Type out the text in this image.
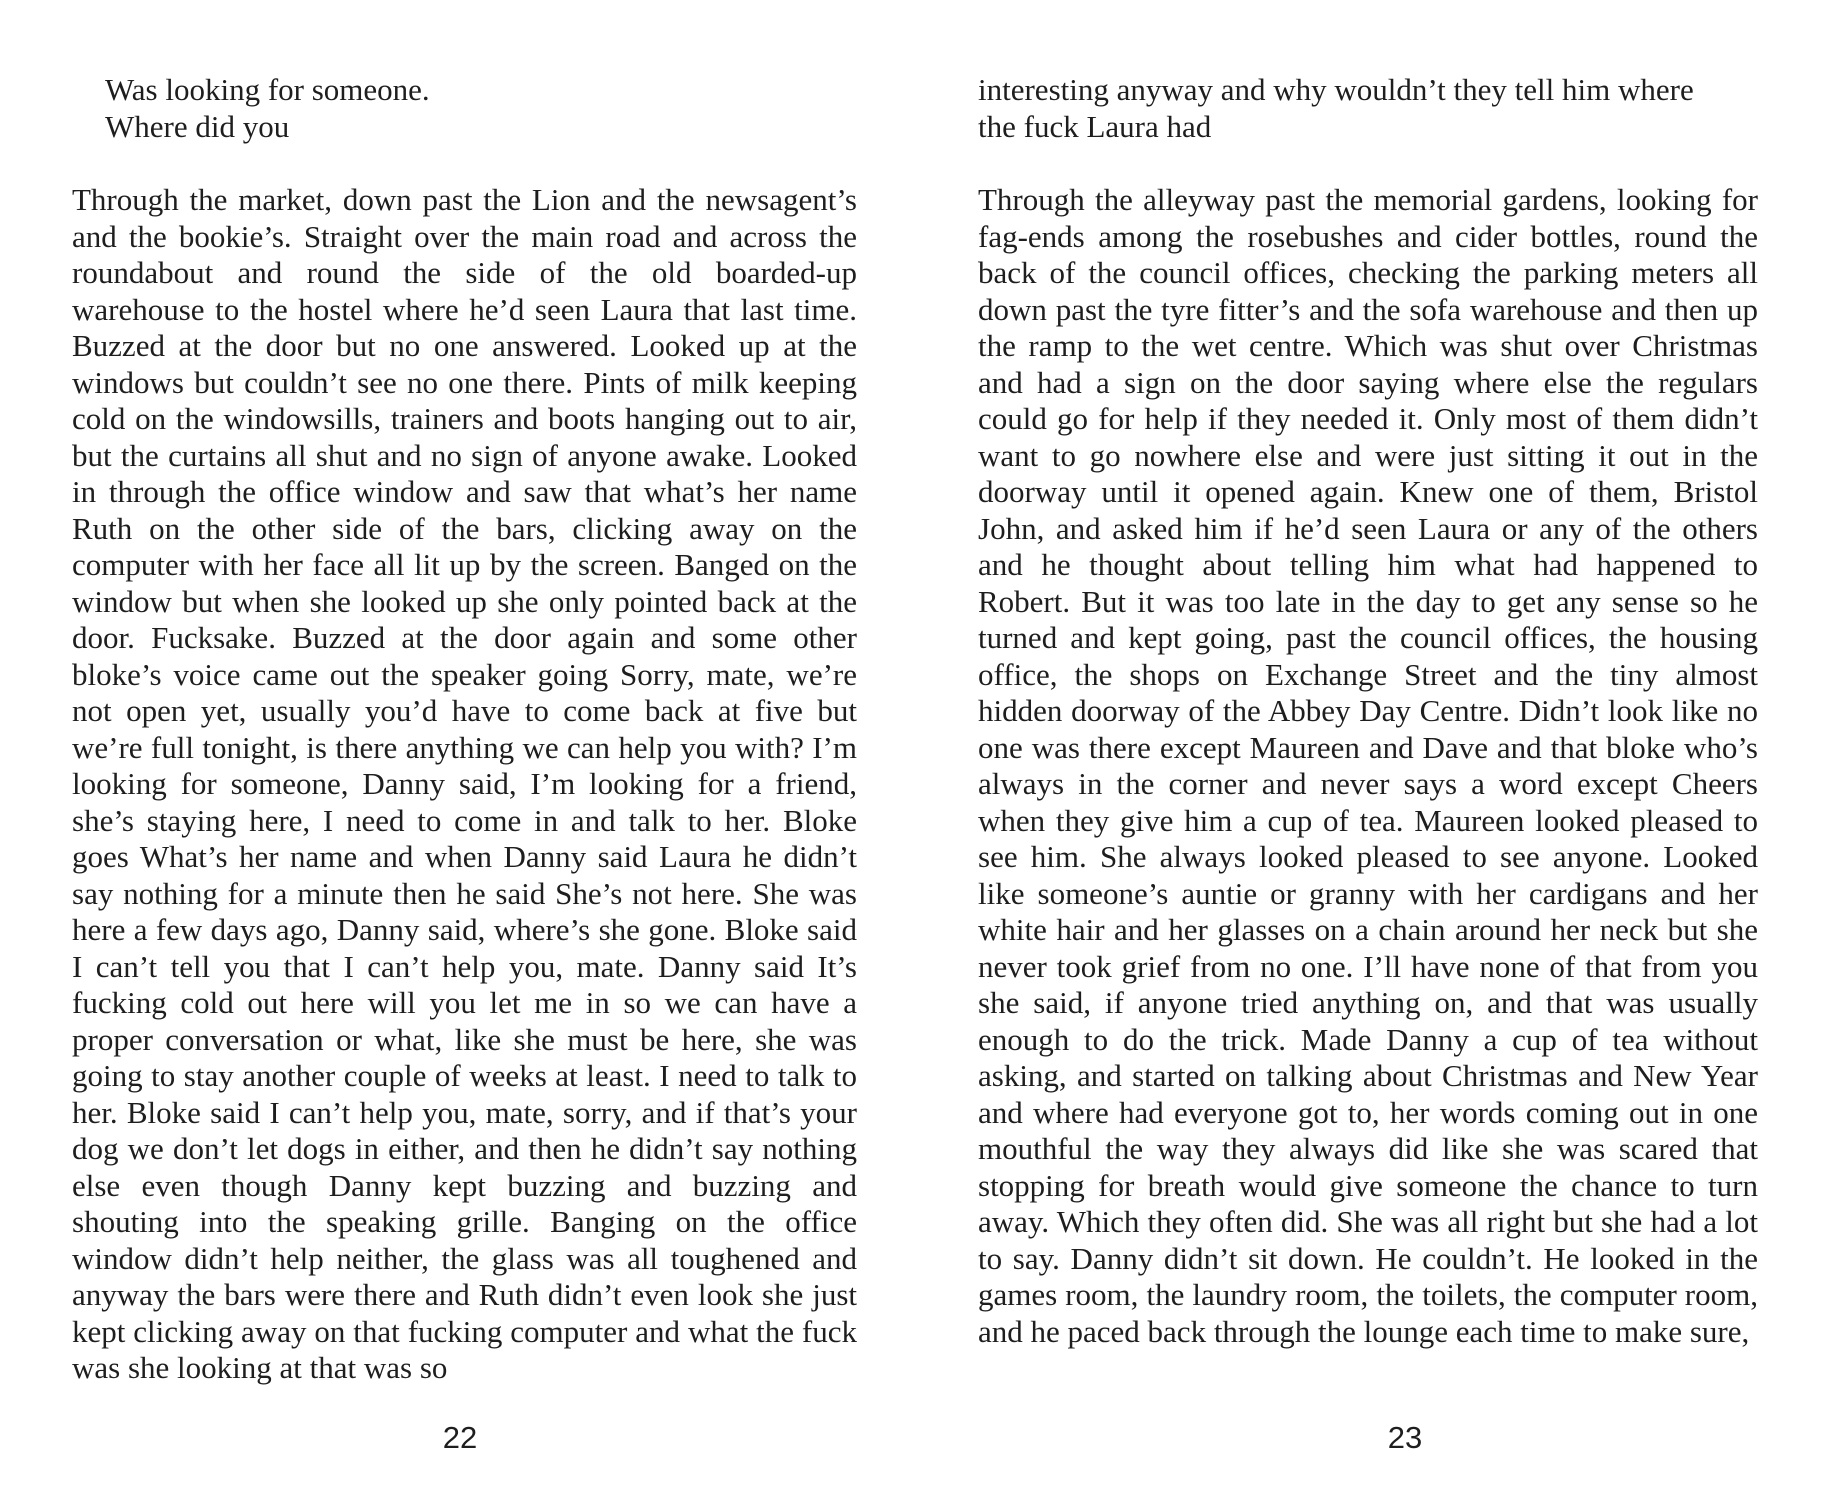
Was looking for someone.
Where did you

Through the market, down past the Lion and the newsagent’s and the bookie’s. Straight over the main road and across the roundabout and round the side of the old boarded-up warehouse to the hostel where he’d seen Laura that last time. Buzzed at the door but no one answered. Looked up at the windows but couldn’t see no one there. Pints of milk keeping cold on the windowsills, trainers and boots hanging out to air, but the curtains all shut and no sign of anyone awake. Looked in through the office window and saw that what’s her name Ruth on the other side of the bars, clicking away on the computer with her face all lit up by the screen. Banged on the window but when she looked up she only pointed back at the door. Fucksake. Buzzed at the door again and some other bloke’s voice came out the speaker going Sorry, mate, we’re not open yet, usually you’d have to come back at five but we’re full tonight, is there anything we can help you with? I’m looking for someone, Danny said, I’m looking for a friend, she’s staying here, I need to come in and talk to her. Bloke goes What’s her name and when Danny said Laura he didn’t say nothing for a minute then he said She’s not here. She was here a few days ago, Danny said, where’s she gone. Bloke said I can’t tell you that I can’t help you, mate. Danny said It’s fucking cold out here will you let me in so we can have a proper conversation or what, like she must be here, she was going to stay another couple of weeks at least. I need to talk to her. Bloke said I can’t help you, mate, sorry, and if that’s your dog we don’t let dogs in either, and then he didn’t say nothing else even though Danny kept buzzing and buzzing and shouting into the speaking grille. Banging on the office window didn’t help neither, the glass was all toughened and anyway the bars were there and Ruth didn’t even look she just kept clicking away on that fucking computer and what the fuck was she looking at that was so

22
interesting anyway and why wouldn’t they tell him where
the fuck Laura had

Through the alleyway past the memorial gardens, looking for fag-ends among the rosebushes and cider bottles, round the back of the council offices, checking the parking meters all down past the tyre fitter’s and the sofa warehouse and then up the ramp to the wet centre. Which was shut over Christmas and had a sign on the door saying where else the regulars could go for help if they needed it. Only most of them didn’t want to go nowhere else and were just sitting it out in the doorway until it opened again. Knew one of them, Bristol John, and asked him if he’d seen Laura or any of the others and he thought about telling him what had happened to Robert. But it was too late in the day to get any sense so he turned and kept going, past the council offices, the housing office, the shops on Exchange Street and the tiny almost hidden doorway of the Abbey Day Centre. Didn’t look like no one was there except Maureen and Dave and that bloke who’s always in the corner and never says a word except Cheers when they give him a cup of tea. Maureen looked pleased to see him. She always looked pleased to see anyone. Looked like someone’s auntie or granny with her cardigans and her white hair and her glasses on a chain around her neck but she never took grief from no one. I’ll have none of that from you she said, if anyone tried anything on, and that was usually enough to do the trick. Made Danny a cup of tea without asking, and started on talking about Christmas and New Year and where had everyone got to, her words coming out in one mouthful the way they always did like she was scared that stopping for breath would give someone the chance to turn away. Which they often did. She was all right but she had a lot to say. Danny didn’t sit down. He couldn’t. He looked in the games room, the laundry room, the toilets, the computer room, and he paced back through the lounge each time to make sure,

23
